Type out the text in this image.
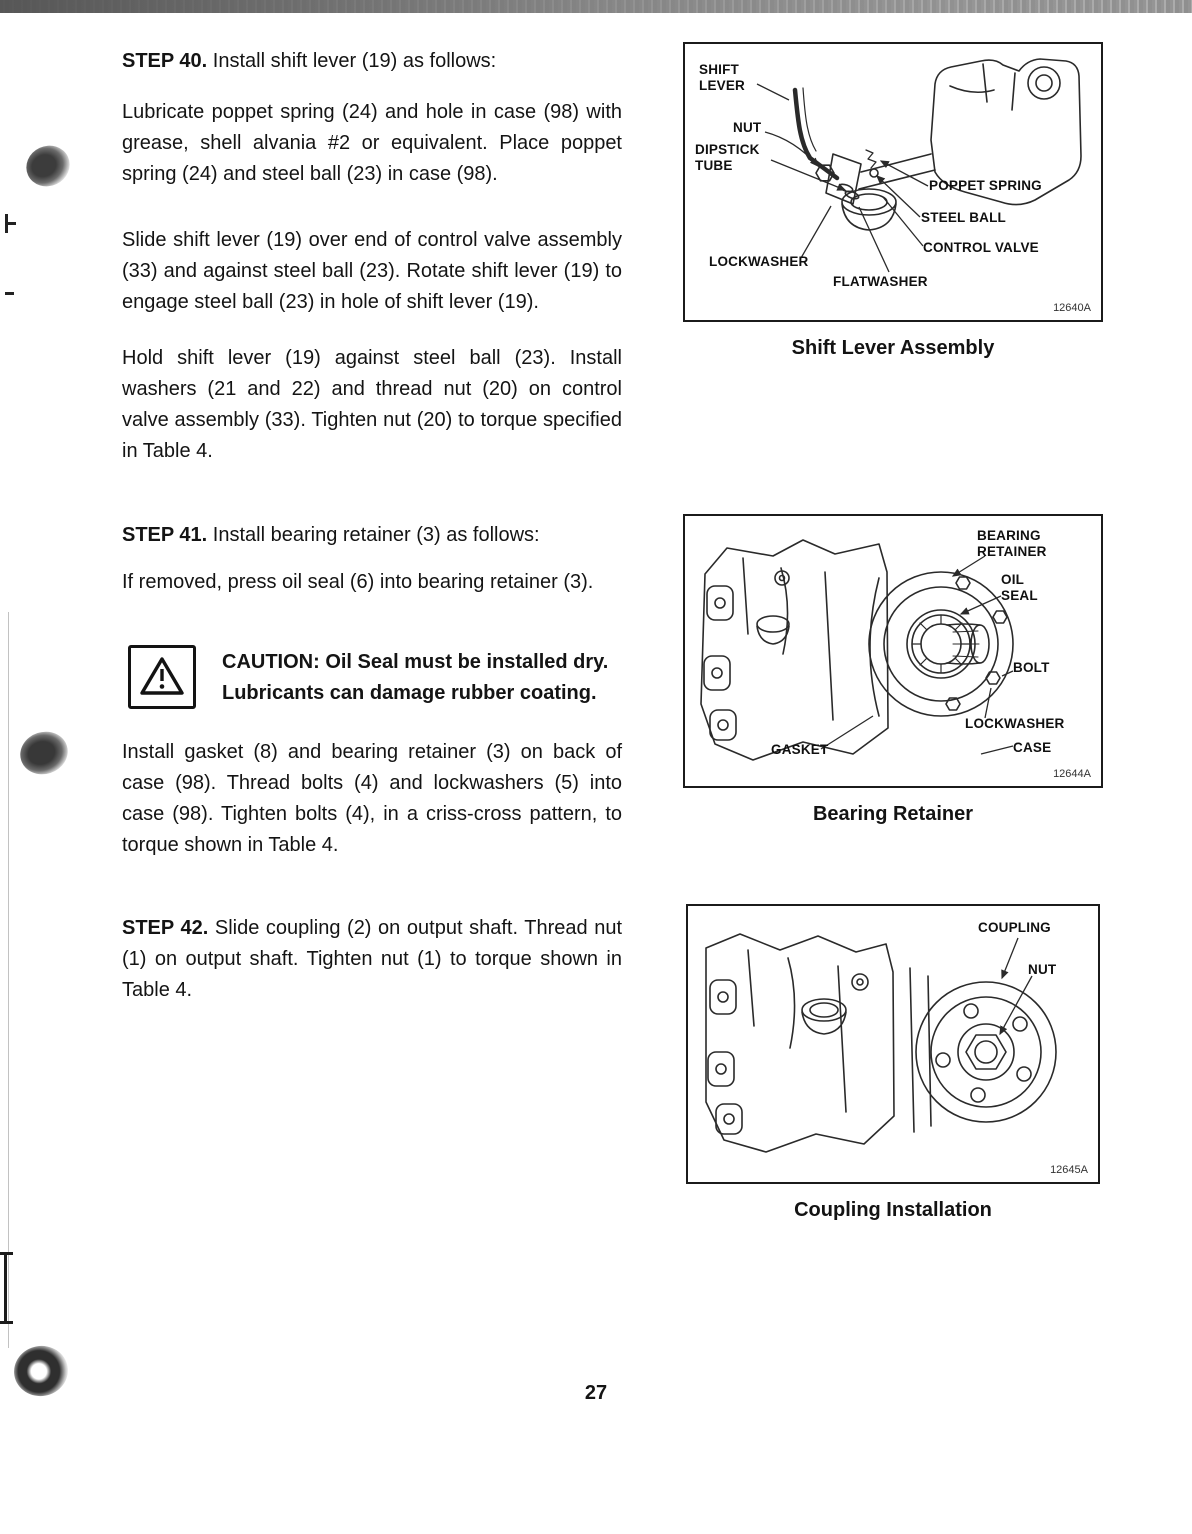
STEP 40. Install shift lever (19) as follows:

Lubricate poppet spring (24) and hole in case (98) with grease, shell alvania #2 or equivalent. Place poppet spring (24) and steel ball (23) in case (98).

Slide shift lever (19) over end of control valve assembly (33) and against steel ball (23). Rotate shift lever (19) to engage steel ball (23) in hole of shift lever (19).

Hold shift lever (19) against steel ball (23). Install washers (21 and 22) and thread nut (20) on control valve assembly (33). Tighten nut (20) to torque specified in Table 4.

STEP 41. Install bearing retainer (3) as follows:

If removed, press oil seal (6) into bearing retainer (3).

CAUTION: Oil Seal must be installed dry. Lubricants can damage rubber coating.

Install gasket (8) and bearing retainer (3) on back of case (98). Thread bolts (4) and lockwashers (5) into case (98). Tighten bolts (4), in a criss-cross pattern, to torque shown in Table 4.

STEP 42. Slide coupling (2) on output shaft. Thread nut (1) on output shaft. Tighten nut (1) to torque shown in Table 4.

SHIFT LEVER
NUT
DIPSTICK TUBE
POPPET SPRING
STEEL BALL
CONTROL VALVE
LOCKWASHER
FLATWASHER
12640A
Shift Lever Assembly
BEARING RETAINER
OIL SEAL
BOLT
LOCKWASHER
CASE
GASKET
12644A
Bearing Retainer
COUPLING
NUT
12645A
Coupling Installation
27
